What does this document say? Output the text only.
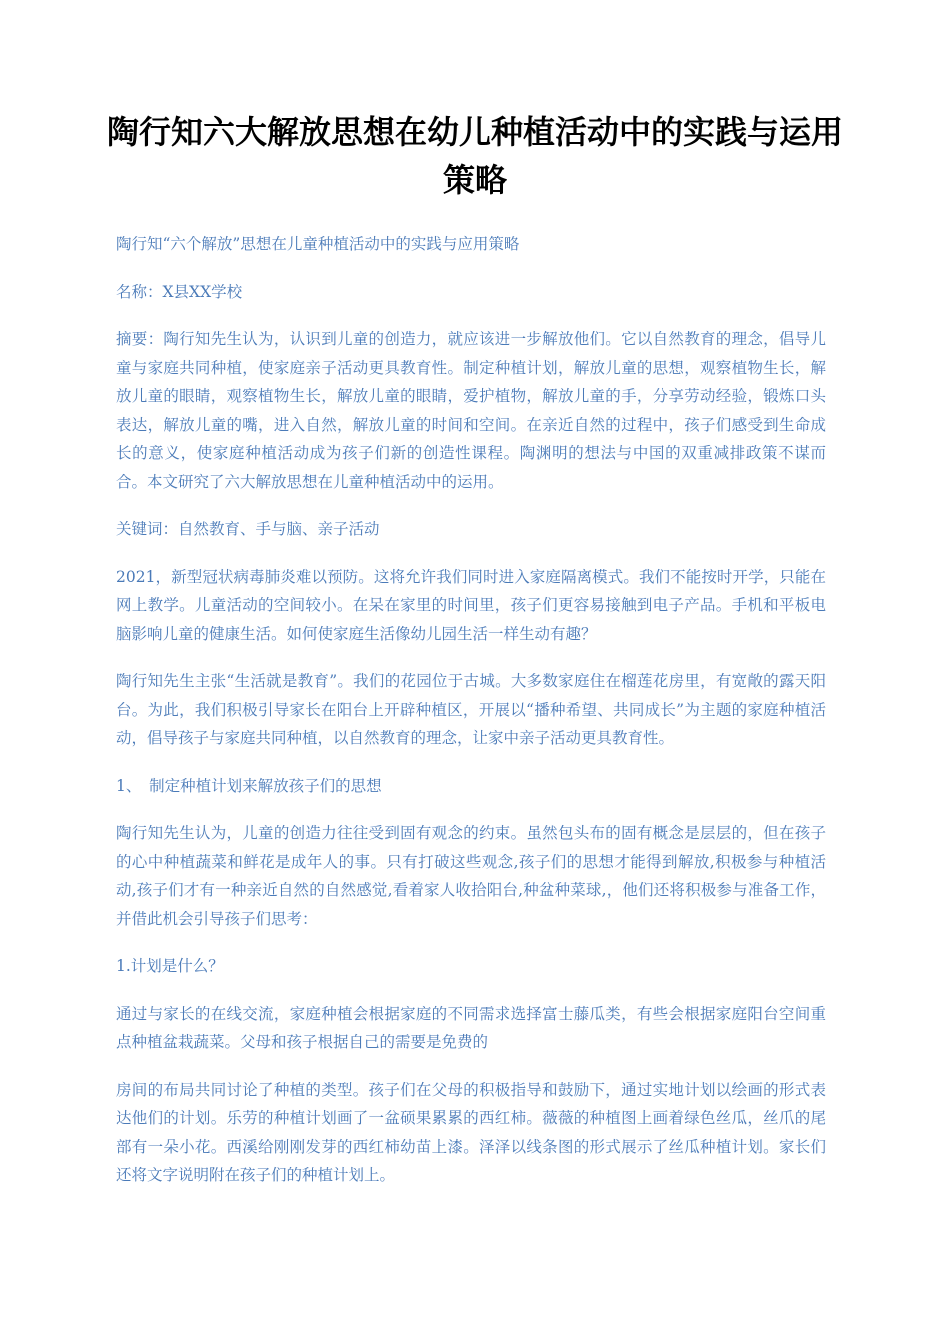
陶行知六大解放思想在幼儿种植活动中的实践与运用策略

陶行知“六个解放”思想在儿童种植活动中的实践与应用策略

名称：X县XX学校

摘要：陶行知先生认为，认识到儿童的创造力，就应该进一步解放他们。它以自然教育的理念，倡导儿童与家庭共同种植，使家庭亲子活动更具教育性。制定种植计划，解放儿童的思想，观察植物生长，解放儿童的眼睛，观察植物生长，解放儿童的眼睛，爱护植物，解放儿童的手，分享劳动经验，锻炼口头表达，解放儿童的嘴，进入自然，解放儿童的时间和空间。在亲近自然的过程中，孩子们感受到生命成长的意义，使家庭种植活动成为孩子们新的创造性课程。陶渊明的想法与中国的双重减排政策不谋而合。本文研究了六大解放思想在儿童种植活动中的运用。

关键词：自然教育、手与脑、亲子活动

2021，新型冠状病毒肺炎难以预防。这将允许我们同时进入家庭隔离模式。我们不能按时开学，只能在网上教学。儿童活动的空间较小。在呆在家里的时间里，孩子们更容易接触到电子产品。手机和平板电脑影响儿童的健康生活。如何使家庭生活像幼儿园生活一样生动有趣？

陶行知先生主张“生活就是教育”。我们的花园位于古城。大多数家庭住在榴莲花房里，有宽敞的露天阳台。为此，我们积极引导家长在阳台上开辟种植区，开展以“播种希望、共同成长”为主题的家庭种植活动，倡导孩子与家庭共同种植，以自然教育的理念，让家中亲子活动更具教育性。

1、　制定种植计划来解放孩子们的思想

陶行知先生认为，儿童的创造力往往受到固有观念的约束。虽然包头布的固有概念是层层的，但在孩子的心中种植蔬菜和鲜花是成年人的事。只有打破这些观念,孩子们的思想才能得到解放,积极参与种植活动,孩子们才有一种亲近自然的自然感觉,看着家人收拾阳台,种盆种菜球,，他们还将积极参与准备工作，并借此机会引导孩子们思考：

1.计划是什么？

通过与家长的在线交流，家庭种植会根据家庭的不同需求选择富士藤瓜类，有些会根据家庭阳台空间重点种植盆栽蔬菜。父母和孩子根据自己的需要是免费的

房间的布局共同讨论了种植的类型。孩子们在父母的积极指导和鼓励下，通过实地计划以绘画的形式表达他们的计划。乐劳的种植计划画了一盆硕果累累的西红柿。薇薇的种植图上画着绿色丝瓜，丝爪的尾部有一朵小花。西溪给刚刚发芽的西红柿幼苗上漆。泽泽以线条图的形式展示了丝瓜种植计划。家长们还将文字说明附在孩子们的种植计划上。
